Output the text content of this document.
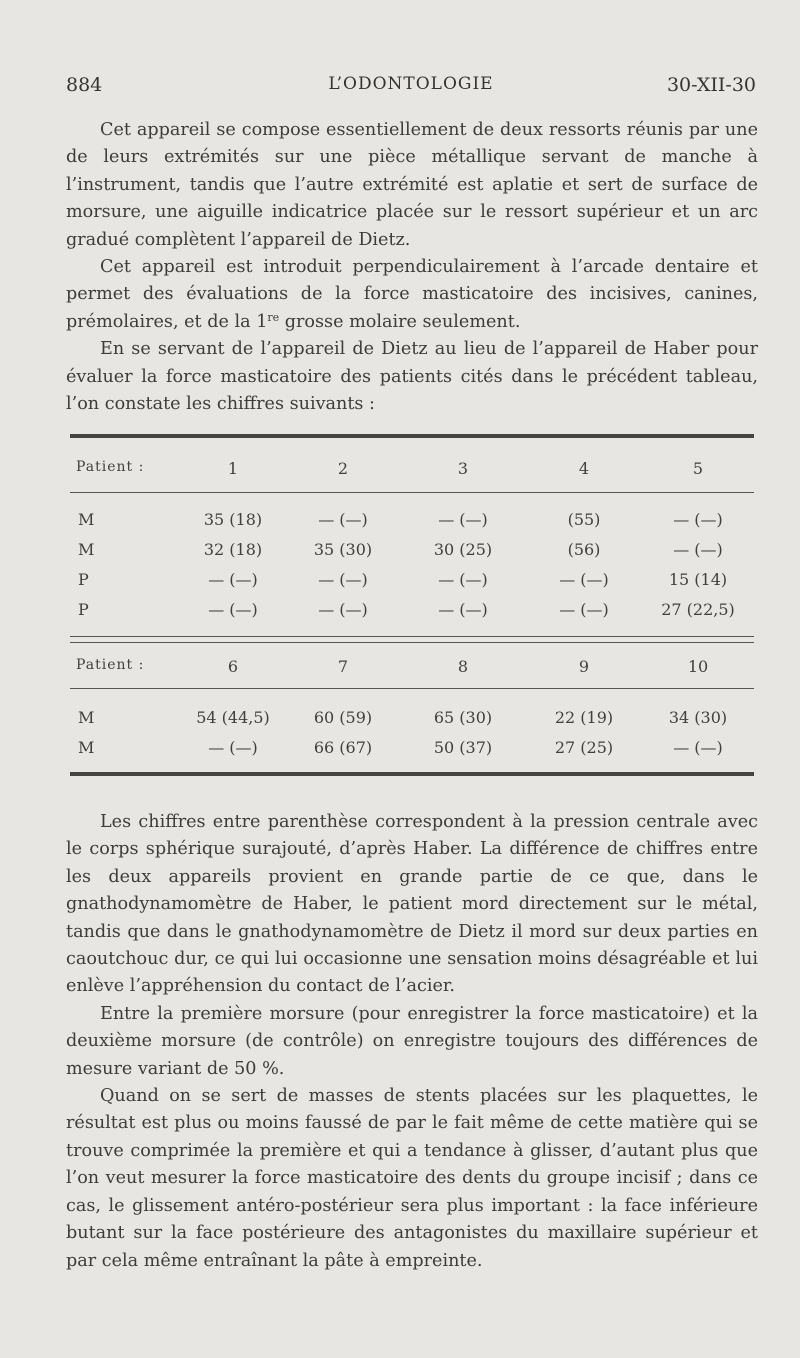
884	L’ODONTOLOGIE	30-XII-30

Cet appareil se compose essentiellement de deux ressorts réunis par une de leurs extrémités sur une pièce métallique servant de manche à l’instrument, tandis que l’autre extrémité est aplatie et sert de surface de morsure, une aiguille indicatrice placée sur le ressort supérieur et un arc gradué complètent l’appareil de Dietz.

Cet appareil est introduit perpendiculairement à l’arcade dentaire et permet des évaluations de la force masticatoire des incisives, canines, prémolaires, et de la 1re grosse molaire seulement.

En se servant de l’appareil de Dietz au lieu de l’appareil de Haber pour évaluer la force masticatoire des patients cités dans le précédent tableau, l’on constate les chiffres suivants :

Patient :	1	2	3	4	5
M	35 (18)	— (—)	— (—)	(55)	— (—)
M	32 (18)	35 (30)	30 (25)	(56)	— (—)
P	— (—)	— (—)	— (—)	— (—)	15 (14)
P	— (—)	— (—)	— (—)	— (—)	27 (22,5)
Patient :	6	7	8	9	10
M	54 (44,5)	60 (59)	65 (30)	22 (19)	34 (30)
M	— (—)	66 (67)	50 (37)	27 (25)	— (—)

Les chiffres entre parenthèse correspondent à la pression centrale avec le corps sphérique surajouté, d’après Haber. La différence de chiffres entre les deux appareils provient en grande partie de ce que, dans le gnathodynamomètre de Haber, le patient mord directement sur le métal, tandis que dans le gnathodynamomètre de Dietz il mord sur deux parties en caoutchouc dur, ce qui lui occasionne une sensation moins désagréable et lui enlève l’appréhension du contact de l’acier.

Entre la première morsure (pour enregistrer la force masticatoire) et la deuxième morsure (de contrôle) on enregistre toujours des différences de mesure variant de 50 %.

Quand on se sert de masses de stents placées sur les plaquettes, le résultat est plus ou moins faussé de par le fait même de cette matière qui se trouve comprimée la première et qui a tendance à glisser, d’autant plus que l’on veut mesurer la force masticatoire des dents du groupe incisif ; dans ce cas, le glissement antéro-postérieur sera plus important : la face inférieure butant sur la face postérieure des antagonistes du maxillaire supérieur et par cela même entraînant la pâte à empreinte.
